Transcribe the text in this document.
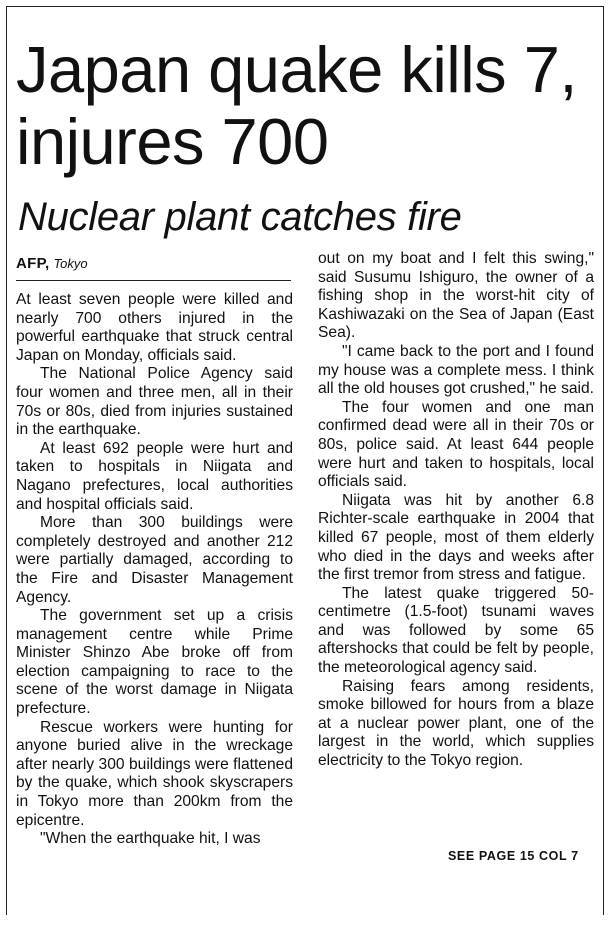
Japan quake kills 7,
injures 700
Nuclear plant catches fire
AFP, Tokyo

At least seven people were killed and nearly 700 others injured in the powerful earthquake that struck central Japan on Monday, officials said.

The National Police Agency said four women and three men, all in their 70s or 80s, died from injuries sustained in the earthquake.

At least 692 people were hurt and taken to hospitals in Niigata and Nagano prefectures, local authorities and hospital officials said.

More than 300 buildings were completely destroyed and another 212 were partially damaged, according to the Fire and Disaster Management Agency.

The government set up a crisis management centre while Prime Minister Shinzo Abe broke off from election campaigning to race to the scene of the worst damage in Niigata prefecture.

Rescue workers were hunting for anyone buried alive in the wreckage after nearly 300 buildings were flattened by the quake, which shook skyscrapers in Tokyo more than 200km from the epicentre.

"When the earthquake hit, I was

out on my boat and I felt this swing," said Susumu Ishiguro, the owner of a fishing shop in the worst-hit city of Kashiwazaki on the Sea of Japan (East Sea).

"I came back to the port and I found my house was a complete mess. I think all the old houses got crushed," he said.

The four women and one man confirmed dead were all in their 70s or 80s, police said. At least 644 people were hurt and taken to hospitals, local officials said.

Niigata was hit by another 6.8 Richter-scale earthquake in 2004 that killed 67 people, most of them elderly who died in the days and weeks after the first tremor from stress and fatigue.

The latest quake triggered 50-centimetre (1.5-foot) tsunami waves and was followed by some 65 aftershocks that could be felt by people, the meteorological agency said.

Raising fears among residents, smoke billowed for hours from a blaze at a nuclear power plant, one of the largest in the world, which supplies electricity to the Tokyo region.

SEE PAGE 15 COL 7
